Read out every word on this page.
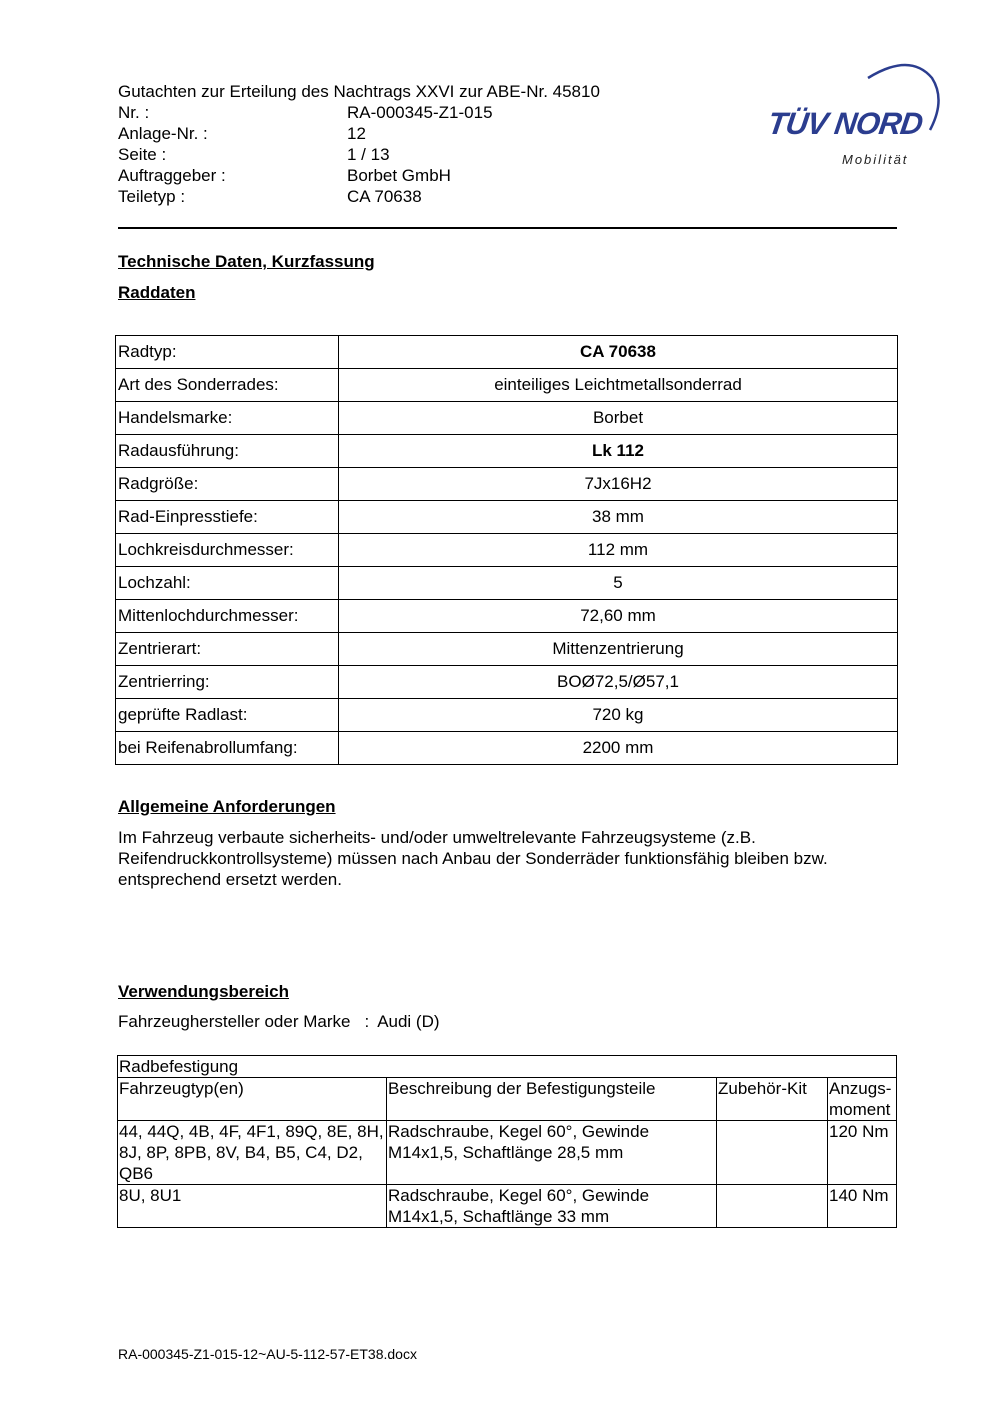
Gutachten zur Erteilung des Nachtrags XXVI zur ABE-Nr. 45810
Nr. :	RA-000345-Z1-015
Anlage-Nr. :	12
Seite :	1 / 13
Auftraggeber :	Borbet GmbH
Teiletyp :	CA 70638
TÜV NORD
Mobilität
Technische Daten, Kurzfassung
Raddaten
Radtyp:	CA 70638
Art des Sonderrades:	einteiliges Leichtmetallsonderrad
Handelsmarke:	Borbet
Radausführung:	Lk 112
Radgröße:	7Jx16H2
Rad-Einpresstiefe:	38 mm
Lochkreisdurchmesser:	112 mm
Lochzahl:	5
Mittenlochdurchmesser:	72,60 mm
Zentrierart:	Mittenzentrierung
Zentrierring:	BOØ72,5/Ø57,1
geprüfte Radlast:	720 kg
bei Reifenabrollumfang:	2200 mm
Allgemeine Anforderungen
Im Fahrzeug verbaute sicherheits- und/oder umweltrelevante Fahrzeugsysteme (z.B. Reifendruckkontrollsysteme) müssen nach Anbau der Sonderräder funktionsfähig bleiben bzw. entsprechend ersetzt werden.
Verwendungsbereich
Fahrzeughersteller oder Marke : Audi (D)
Radbefestigung			
Fahrzeugtyp(en)	Beschreibung der Befestigungsteile	Zubehör-Kit	Anzugs-
moment
44, 44Q, 4B, 4F, 4F1, 89Q, 8E, 8H, 8J, 8P, 8PB, 8V, B4, B5, C4, D2, QB6	Radschraube, Kegel 60°, Gewinde M14x1,5, Schaftlänge 28,5 mm		120 Nm
8U, 8U1	Radschraube, Kegel 60°, Gewinde M14x1,5, Schaftlänge 33 mm		140 Nm
RA-000345-Z1-015-12~AU-5-112-57-ET38.docx
